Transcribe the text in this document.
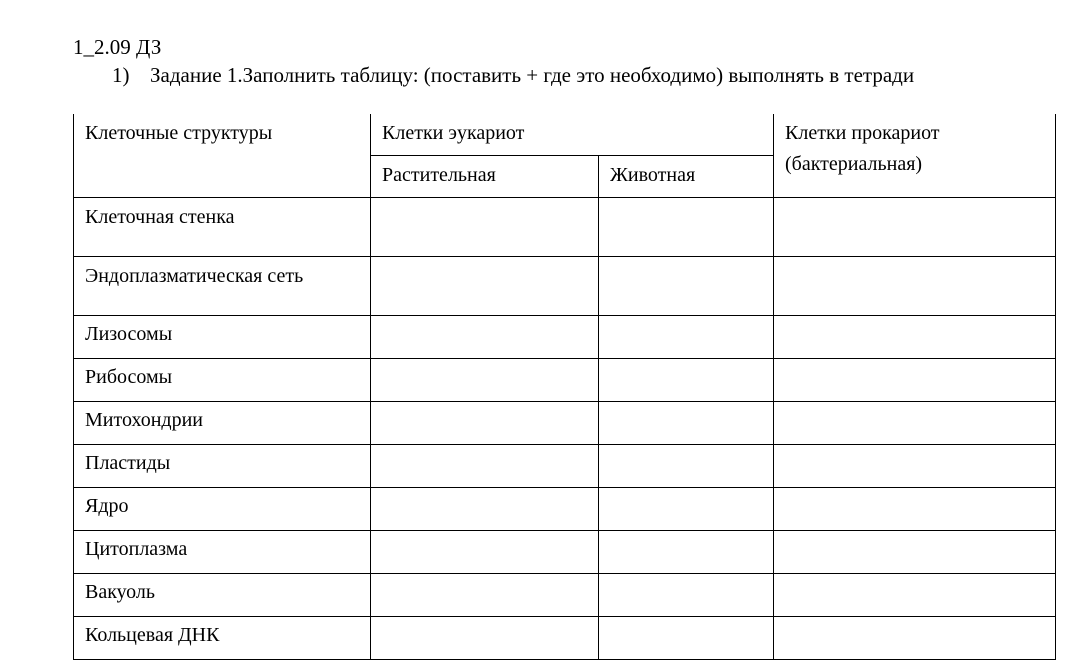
1_2.09 ДЗ
1) Задание 1.Заполнить таблицу: (поставить + где это необходимо) выполнять в тетради
Клеточные структуры	Клетки эукариот		Клетки прокариот
(бактериальная)

	Растительная	Животная	
Клеточная стенка			
Эндоплазматическая сеть			
Лизосомы			
Рибосомы			
Митохондрии			
Пластиды			
Ядро			
Цитоплазма			
Вакуоль			
Кольцевая ДНК			
